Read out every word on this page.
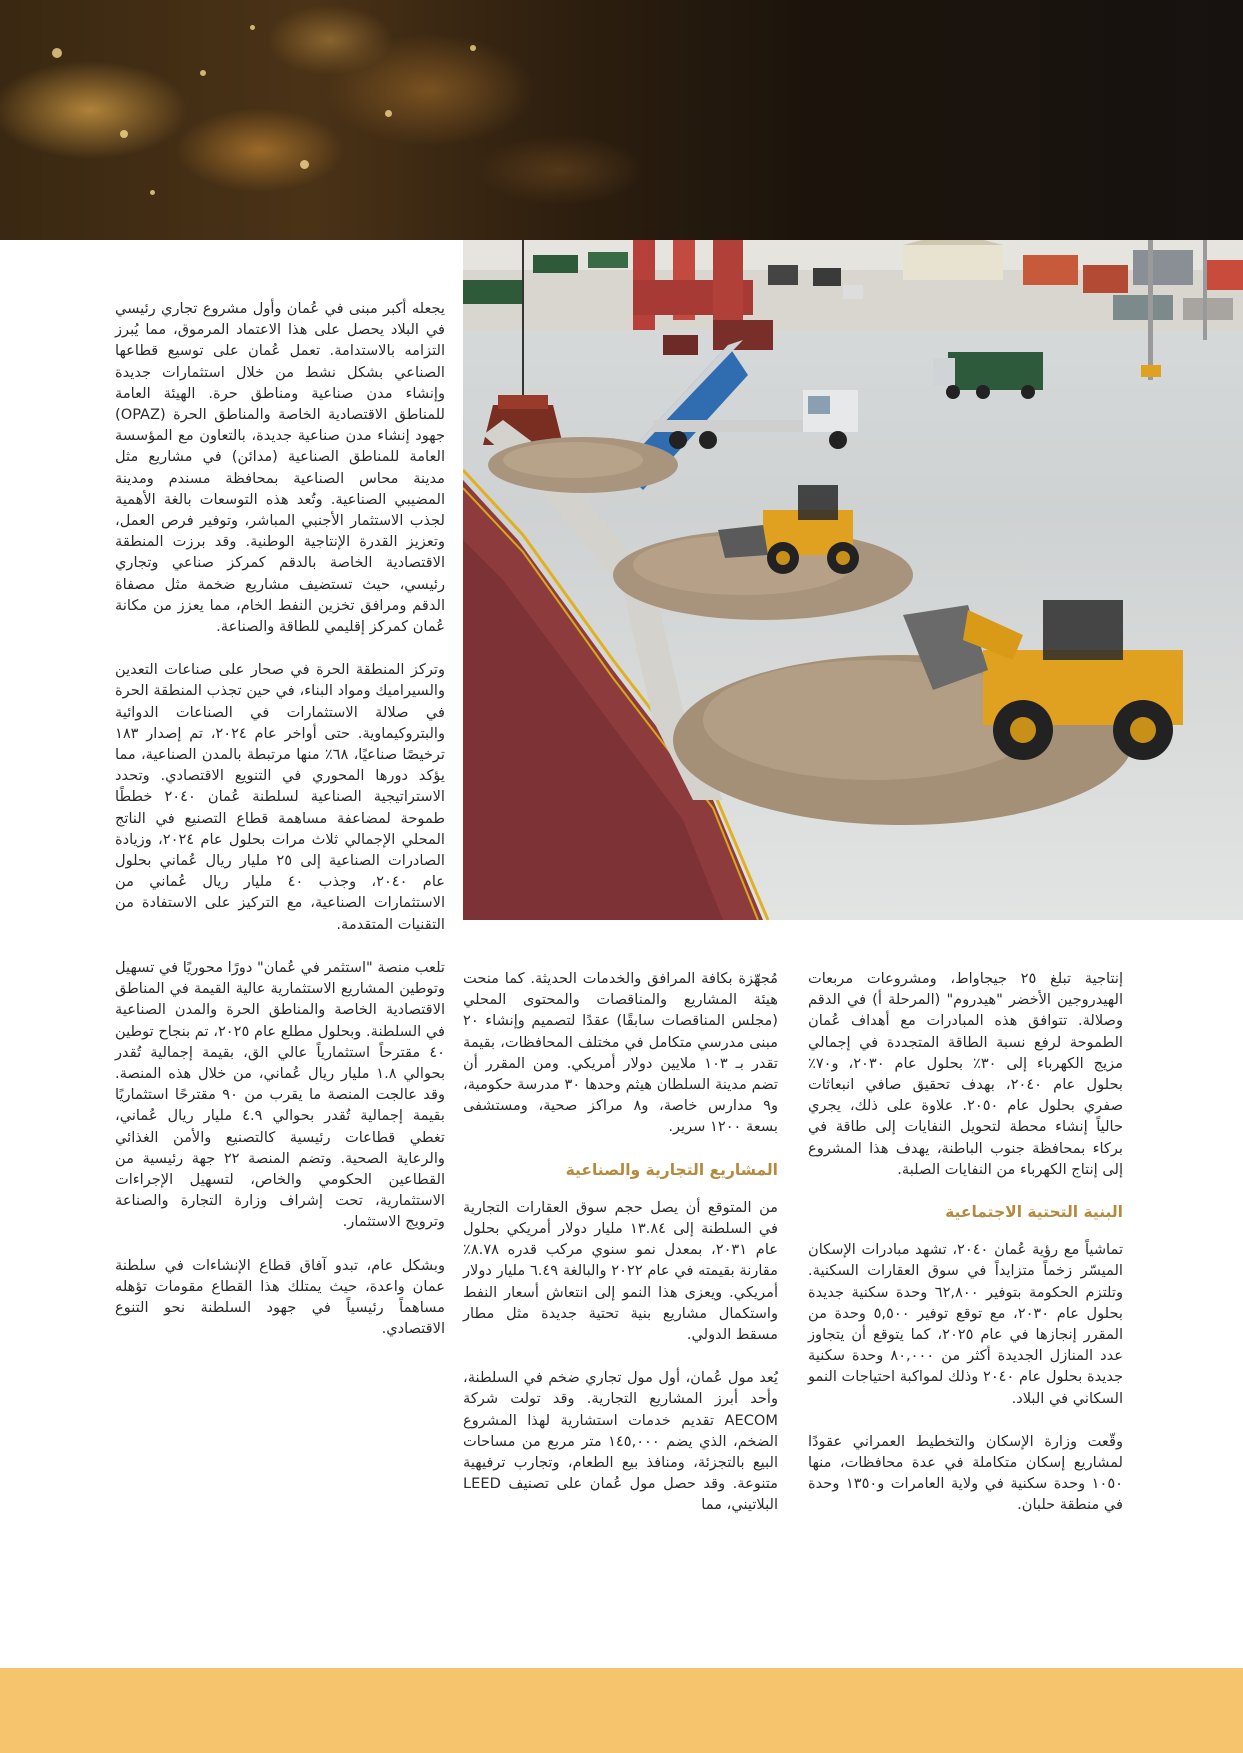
يجعله أكبر مبنى في عُمان وأول مشروع تجاري رئيسي في البلاد يحصل على هذا الاعتماد المرموق، مما يُبرز التزامه بالاستدامة. تعمل عُمان على توسيع قطاعها الصناعي بشكل نشط من خلال استثمارات جديدة وإنشاء مدن صناعية ومناطق حرة. الهيئة العامة للمناطق الاقتصادية الخاصة والمناطق الحرة (OPAZ) جهود إنشاء مدن صناعية جديدة، بالتعاون مع المؤسسة العامة للمناطق الصناعية (مدائن) في مشاريع مثل مدينة محاس الصناعية بمحافظة مسندم ومدينة المضيبي الصناعية. وتُعد هذه التوسعات بالغة الأهمية لجذب الاستثمار الأجنبي المباشر، وتوفير فرص العمل، وتعزيز القدرة الإنتاجية الوطنية. وقد برزت المنطقة الاقتصادية الخاصة بالدقم كمركز صناعي وتجاري رئيسي، حيث تستضيف مشاريع ضخمة مثل مصفاة الدقم ومرافق تخزين النفط الخام، مما يعزز من مكانة عُمان كمركز إقليمي للطاقة والصناعة.

وتركز المنطقة الحرة في صحار على صناعات التعدين والسيراميك ومواد البناء، في حين تجذب المنطقة الحرة في صلالة الاستثمارات في الصناعات الدوائية والبتروكيماوية. حتى أواخر عام ٢٠٢٤، تم إصدار ١٨٣ ترخيصًا صناعيًا، ٦٨٪ منها مرتبطة بالمدن الصناعية، مما يؤكد دورها المحوري في التنويع الاقتصادي. وتحدد الاستراتيجية الصناعية لسلطنة عُمان ٢٠٤٠ خططًا طموحة لمضاعفة مساهمة قطاع التصنيع في الناتج المحلي الإجمالي ثلاث مرات بحلول عام ٢٠٢٤، وزيادة الصادرات الصناعية إلى ٢٥ مليار ريال عُماني بحلول عام ٢٠٤٠، وجذب ٤٠ مليار ريال عُماني من الاستثمارات الصناعية، مع التركيز على الاستفادة من التقنيات المتقدمة.

تلعب منصة "استثمر في عُمان" دورًا محوريًا في تسهيل وتوطين المشاريع الاستثمارية عالية القيمة في المناطق الاقتصادية الخاصة والمناطق الحرة والمدن الصناعية في السلطنة. وبحلول مطلع عام ٢٠٢٥، تم بنجاح توطين ٤٠ مقترحاً استثمارياً عالي الق، بقيمة إجمالية تُقدر بحوالي ١.٨ مليار ريال عُماني، من خلال هذه المنصة. وقد عالجت المنصة ما يقرب من ٩٠ مقترحًا استثماريًا بقيمة إجمالية تُقدر بحوالي ٤.٩ مليار ريال عُماني، تغطي قطاعات رئيسية كالتصنيع والأمن الغذائي والرعاية الصحية. وتضم المنصة ٢٢ جهة رئيسية من القطاعين الحكومي والخاص، لتسهيل الإجراءات الاستثمارية، تحت إشراف وزارة التجارة والصناعة وترويج الاستثمار.

وبشكل عام، تبدو آفاق قطاع الإنشاءات في سلطنة عمان واعدة، حيث يمتلك هذا القطاع مقومات تؤهله مساهماً رئيسياً في جهود السلطنة نحو التنوع الاقتصادي.

مُجهّزة بكافة المرافق والخدمات الحديثة. كما منحت هيئة المشاريع والمناقصات والمحتوى المحلي (مجلس المناقصات سابقًا) عقدًا لتصميم وإنشاء ٢٠ مبنى مدرسي متكامل في مختلف المحافظات، بقيمة تقدر بـ ١٠٣ ملايين دولار أمريكي. ومن المقرر أن تضم مدينة السلطان هيثم وحدها ٣٠ مدرسة حكومية، و٩ مدارس خاصة، و٨ مراكز صحية، ومستشفى بسعة ١٢٠٠ سرير.

المشاريع التجارية والصناعية

من المتوقع أن يصل حجم سوق العقارات التجارية في السلطنة إلى ١٣.٨٤ مليار دولار أمريكي بحلول عام ٢٠٣١، بمعدل نمو سنوي مركب قدره ٨.٧٨٪ مقارنة بقيمته في عام ٢٠٢٢ والبالغة ٦.٤٩ مليار دولار أمريكي. ويعزى هذا النمو إلى انتعاش أسعار النفط واستكمال مشاريع بنية تحتية جديدة مثل مطار مسقط الدولي.

يُعد مول عُمان، أول مول تجاري ضخم في السلطنة، وأحد أبرز المشاريع التجارية. وقد تولت شركة AECOM تقديم خدمات استشارية لهذا المشروع الضخم، الذي يضم ١٤٥,٠٠٠ متر مربع من مساحات البيع بالتجزئة، ومنافذ بيع الطعام، وتجارب ترفيهية متنوعة. وقد حصل مول عُمان على تصنيف LEED البلاتيني، مما

إنتاجية تبلغ ٢٥ جيجاواط، ومشروعات مربعات الهيدروجين الأخضر "هيدروم" (المرحلة أ) في الدقم وصلالة. تتوافق هذه المبادرات مع أهداف عُمان الطموحة لرفع نسبة الطاقة المتجددة في إجمالي مزيج الكهرباء إلى ٣٠٪ بحلول عام ٢٠٣٠، و٧٠٪ بحلول عام ٢٠٤٠، بهدف تحقيق صافي انبعاثات صفري بحلول عام ٢٠٥٠. علاوة على ذلك، يجري حالياً إنشاء محطة لتحويل النفايات إلى طاقة في بركاء بمحافظة جنوب الباطنة، يهدف هذا المشروع إلى إنتاج الكهرباء من النفايات الصلبة.

البنية التحتية الاجتماعية

تماشياً مع رؤية عُمان ٢٠٤٠، تشهد مبادرات الإسكان الميسّر زخماً متزايداً في سوق العقارات السكنية. وتلتزم الحكومة بتوفير ٦٢,٨٠٠ وحدة سكنية جديدة بحلول عام ٢٠٣٠، مع توقع توفير ٥,٥٠٠ وحدة من المقرر إنجازها في عام ٢٠٢٥، كما يتوقع أن يتجاوز عدد المنازل الجديدة أكثر من ٨٠,٠٠٠ وحدة سكنية جديدة بحلول عام ٢٠٤٠ وذلك لمواكبة احتياجات النمو السكاني في البلاد.

وقّعت وزارة الإسكان والتخطيط العمراني عقودًا لمشاريع إسكان متكاملة في عدة محافظات، منها ١٠٥٠ وحدة سكنية في ولاية العامرات و١٣٥٠ وحدة في منطقة حلبان.
